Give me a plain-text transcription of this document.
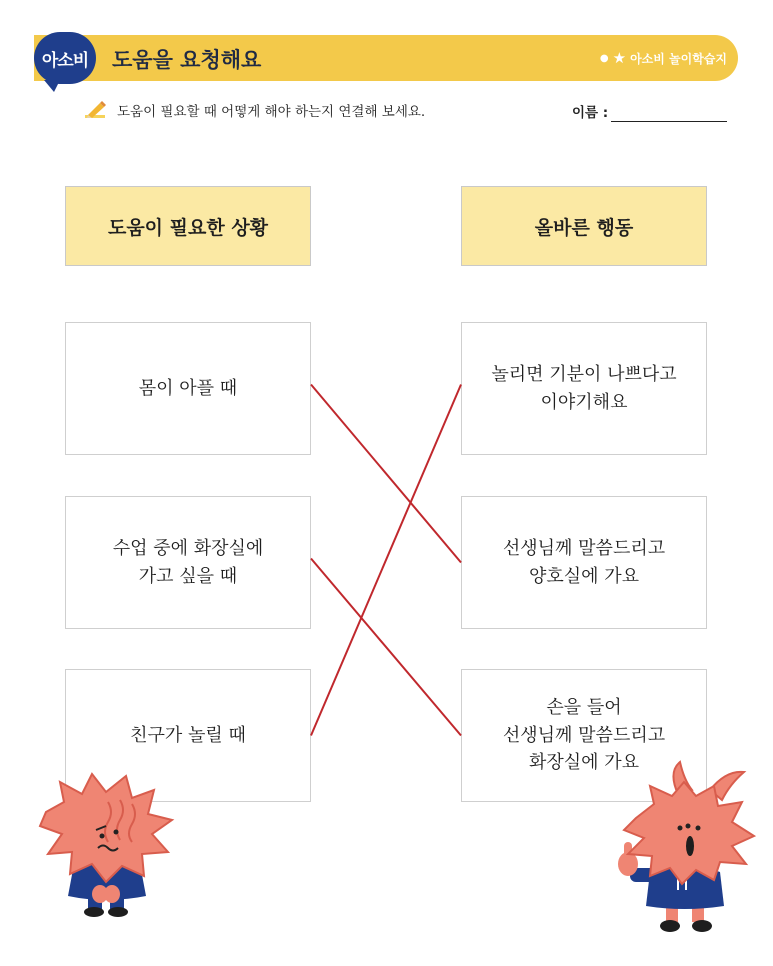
아소비 도움을 요청해요	● ★ 아소비 놀이학습지
도움이 필요할 때 어떻게 해야 하는지 연결해 보세요.	이름 :
도움이 필요한 상황	올바른 행동
몸이 아플 때
수업 중에 화장실에
가고 싶을 때
친구가 놀릴 때
놀리면 기분이 나쁘다고
이야기해요
선생님께 말씀드리고
양호실에 가요
손을 들어
선생님께 말씀드리고
화장실에 가요
